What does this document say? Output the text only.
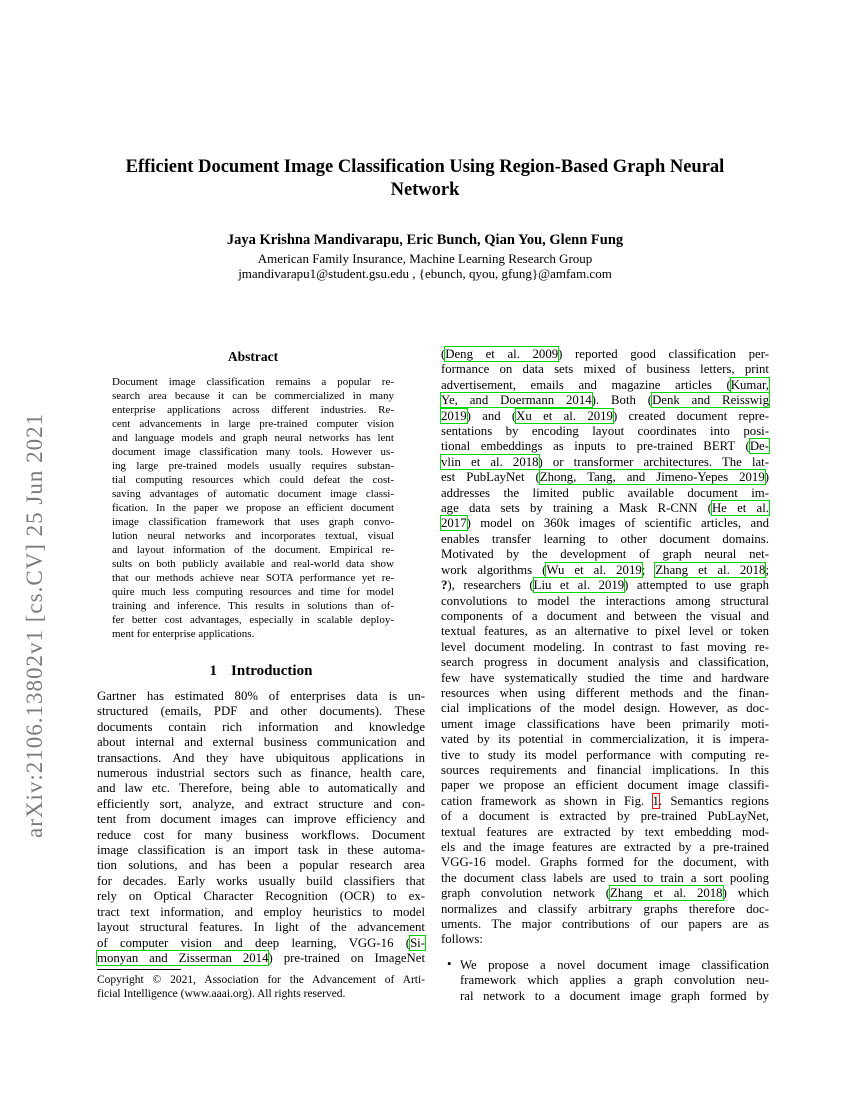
arXiv:2106.13802v1 [cs.CV] 25 Jun 2021
Efficient Document Image Classification Using Region-Based Graph Neural
Network
Jaya Krishna Mandivarapu, Eric Bunch, Qian You, Glenn Fung
American Family Insurance, Machine Learning Research Group
jmandivarapu1@student.gsu.edu , {ebunch, qyou, gfung}@amfam.com
Abstract
Document image classification remains a popular re-
search area because it can be commercialized in many
enterprise applications across different industries. Re-
cent advancements in large pre-trained computer vision
and language models and graph neural networks has lent
document image classification many tools. However us-
ing large pre-trained models usually requires substan-
tial computing resources which could defeat the cost-
saving advantages of automatic document image classi-
fication. In the paper we propose an efficient document
image classification framework that uses graph convo-
lution neural networks and incorporates textual, visual
and layout information of the document. Empirical re-
sults on both publicly available and real-world data show
that our methods achieve near SOTA performance yet re-
quire much less computing resources and time for model
training and inference. This results in solutions than of-
fer better cost advantages, especially in scalable deploy-
ment for enterprise applications.
1 Introduction
Gartner has estimated 80% of enterprises data is un-
structured (emails, PDF and other documents). These
documents contain rich information and knowledge
about internal and external business communication and
transactions. And they have ubiquitous applications in
numerous industrial sectors such as finance, health care,
and law etc. Therefore, being able to automatically and
efficiently sort, analyze, and extract structure and con-
tent from document images can improve efficiency and
reduce cost for many business workflows. Document
image classification is an import task in these automa-
tion solutions, and has been a popular research area
for decades. Early works usually build classifiers that
rely on Optical Character Recognition (OCR) to ex-
tract text information, and employ heuristics to model
layout structural features. In light of the advancement
of computer vision and deep learning, VGG-16 (Si-
monyan and Zisserman 2014) pre-trained on ImageNet
Copyright © 2021, Association for the Advancement of Arti-
ficial Intelligence (www.aaai.org). All rights reserved.
(Deng et al. 2009) reported good classification per-
formance on data sets mixed of business letters, print
advertisement, emails and magazine articles (Kumar,
Ye, and Doermann 2014). Both (Denk and Reisswig
2019) and (Xu et al. 2019) created document repre-
sentations by encoding layout coordinates into posi-
tional embeddings as inputs to pre-trained BERT (De-
vlin et al. 2018) or transformer architectures. The lat-
est PubLayNet (Zhong, Tang, and Jimeno-Yepes 2019)
addresses the limited public available document im-
age data sets by training a Mask R-CNN (He et al.
2017) model on 360k images of scientific articles, and
enables transfer learning to other document domains.
Motivated by the development of graph neural net-
work algorithms (Wu et al. 2019; Zhang et al. 2018;
?), researchers (Liu et al. 2019) attempted to use graph
convolutions to model the interactions among structural
components of a document and between the visual and
textual features, as an alternative to pixel level or token
level document modeling. In contrast to fast moving re-
search progress in document analysis and classification,
few have systematically studied the time and hardware
resources when using different methods and the finan-
cial implications of the model design. However, as doc-
ument image classifications have been primarily moti-
vated by its potential in commercialization, it is impera-
tive to study its model performance with computing re-
sources requirements and financial implications. In this
paper we propose an efficient document image classifi-
cation framework as shown in Fig. 1. Semantics regions
of a document is extracted by pre-trained PubLayNet,
textual features are extracted by text embedding mod-
els and the image features are extracted by a pre-trained
VGG-16 model. Graphs formed for the document, with
the document class labels are used to train a sort pooling
graph convolution network (Zhang et al. 2018) which
normalizes and classify arbitrary graphs therefore doc-
uments. The major contributions of our papers are as
follows:
• We propose a novel document image classification
framework which applies a graph convolution neu-
ral network to a document image graph formed by
